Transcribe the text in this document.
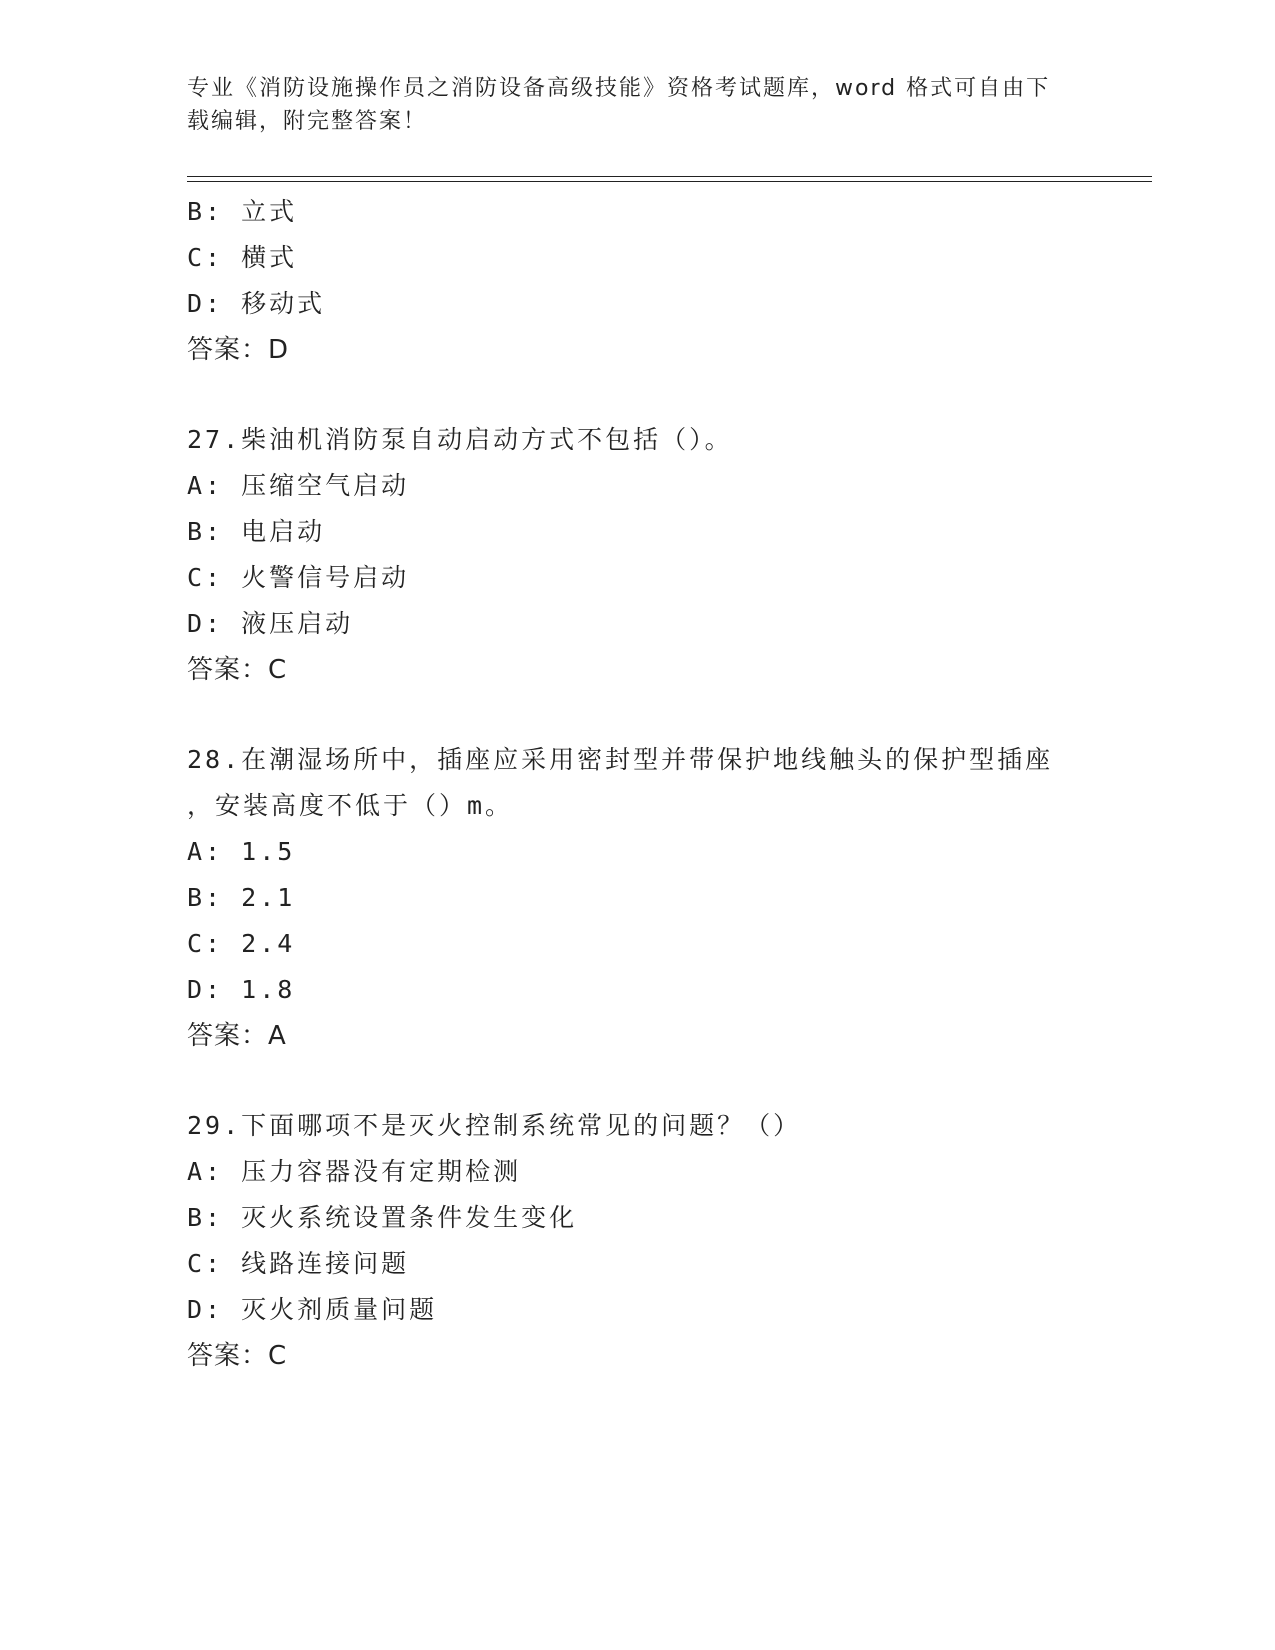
专业《消防设施操作员之消防设备高级技能》资格考试题库，word 格式可自由下
载编辑，附完整答案！
B: 立式
C: 横式
D: 移动式
答案：D
27.柴油机消防泵自动启动方式不包括（）。
A: 压缩空气启动
B: 电启动
C: 火警信号启动
D: 液压启动
答案：C
28.在潮湿场所中，插座应采用密封型并带保护地线触头的保护型插座
，安装高度不低于（）m。
A: 1.5
B: 2.1
C: 2.4
D: 1.8
答案：A
29.下面哪项不是灭火控制系统常见的问题？（）
A: 压力容器没有定期检测
B: 灭火系统设置条件发生变化
C: 线路连接问题
D: 灭火剂质量问题
答案：C
